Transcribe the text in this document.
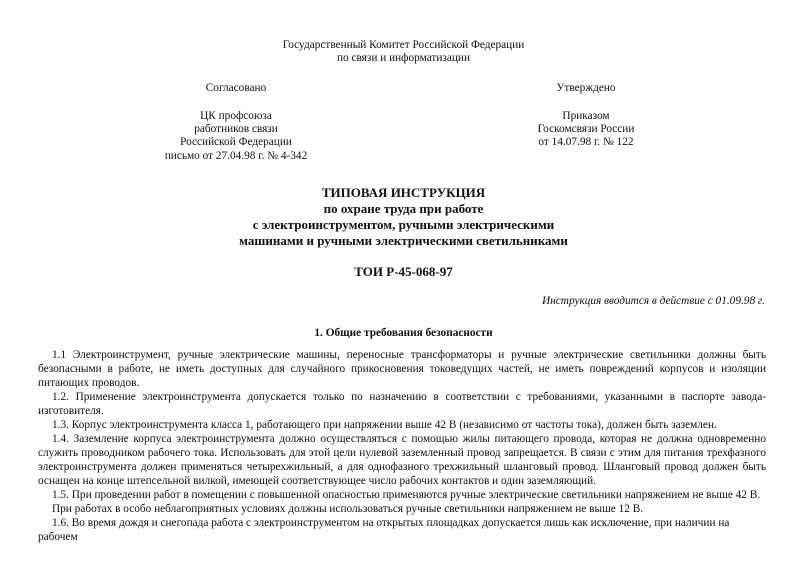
Государственный Комитет Российской Федерации
по связи и информатизации
Согласовано
ЦК профсоюза
работников связи
Российской Федерации
письмо от 27.04.98 г. № 4-342
Утверждено
Приказом
Госкомсвязи России
от 14.07.98 г. № 122
ТИПОВАЯ ИНСТРУКЦИЯ
по охране труда при работе
с электроинструментом, ручными электрическими
машинами и ручными электрическими светильниками
ТОИ Р-45-068-97
Инструкция вводится в действие с 01.09.98 г.
1. Общие требования безопасности
1.1 Электроинструмент, ручные электрические машины, переносные трансформаторы и ручные электрические светильники должны быть безопасными в работе, не иметь доступных для случайного прикосновения токоведущих частей, не иметь повреждений корпусов и изоляции питающих проводов.
1.2. Применение электроинструмента допускается только по назначению в соответствии с требованиями, указанными в паспорте завода-изготовителя.
1.3. Корпус электроинструмента класса 1, работающего при напряжении выше 42 В (независимо от частоты тока), должен быть заземлен.
1.4. Заземление корпуса электроинструмента должно осуществляться с помощью жилы питающего провода, которая не должна одновременно служить проводником рабочего тока. Использовать для этой цели нулевой заземленный провод запрещается. В связи с этим для питания трехфазного электроинструмента должен применяться четырехжильный, а для однофазного трехжильный шланговый провод. Шланговый провод должен быть оснащен на конце штепсельной вилкой, имеющей соответствующее число рабочих контактов и один заземляющий.
1.5. При проведении работ в помещении с повышенной опасностью применяются ручные электрические светильники напряжением не выше 42 В.
При работах в особо неблагоприятных условиях должны использоваться ручные светильники напряжением не выше 12 В.
1.6. Во время дождя и снегопада работа с электроинструментом на открытых площадках допускается лишь как исключение, при наличии на рабочем
